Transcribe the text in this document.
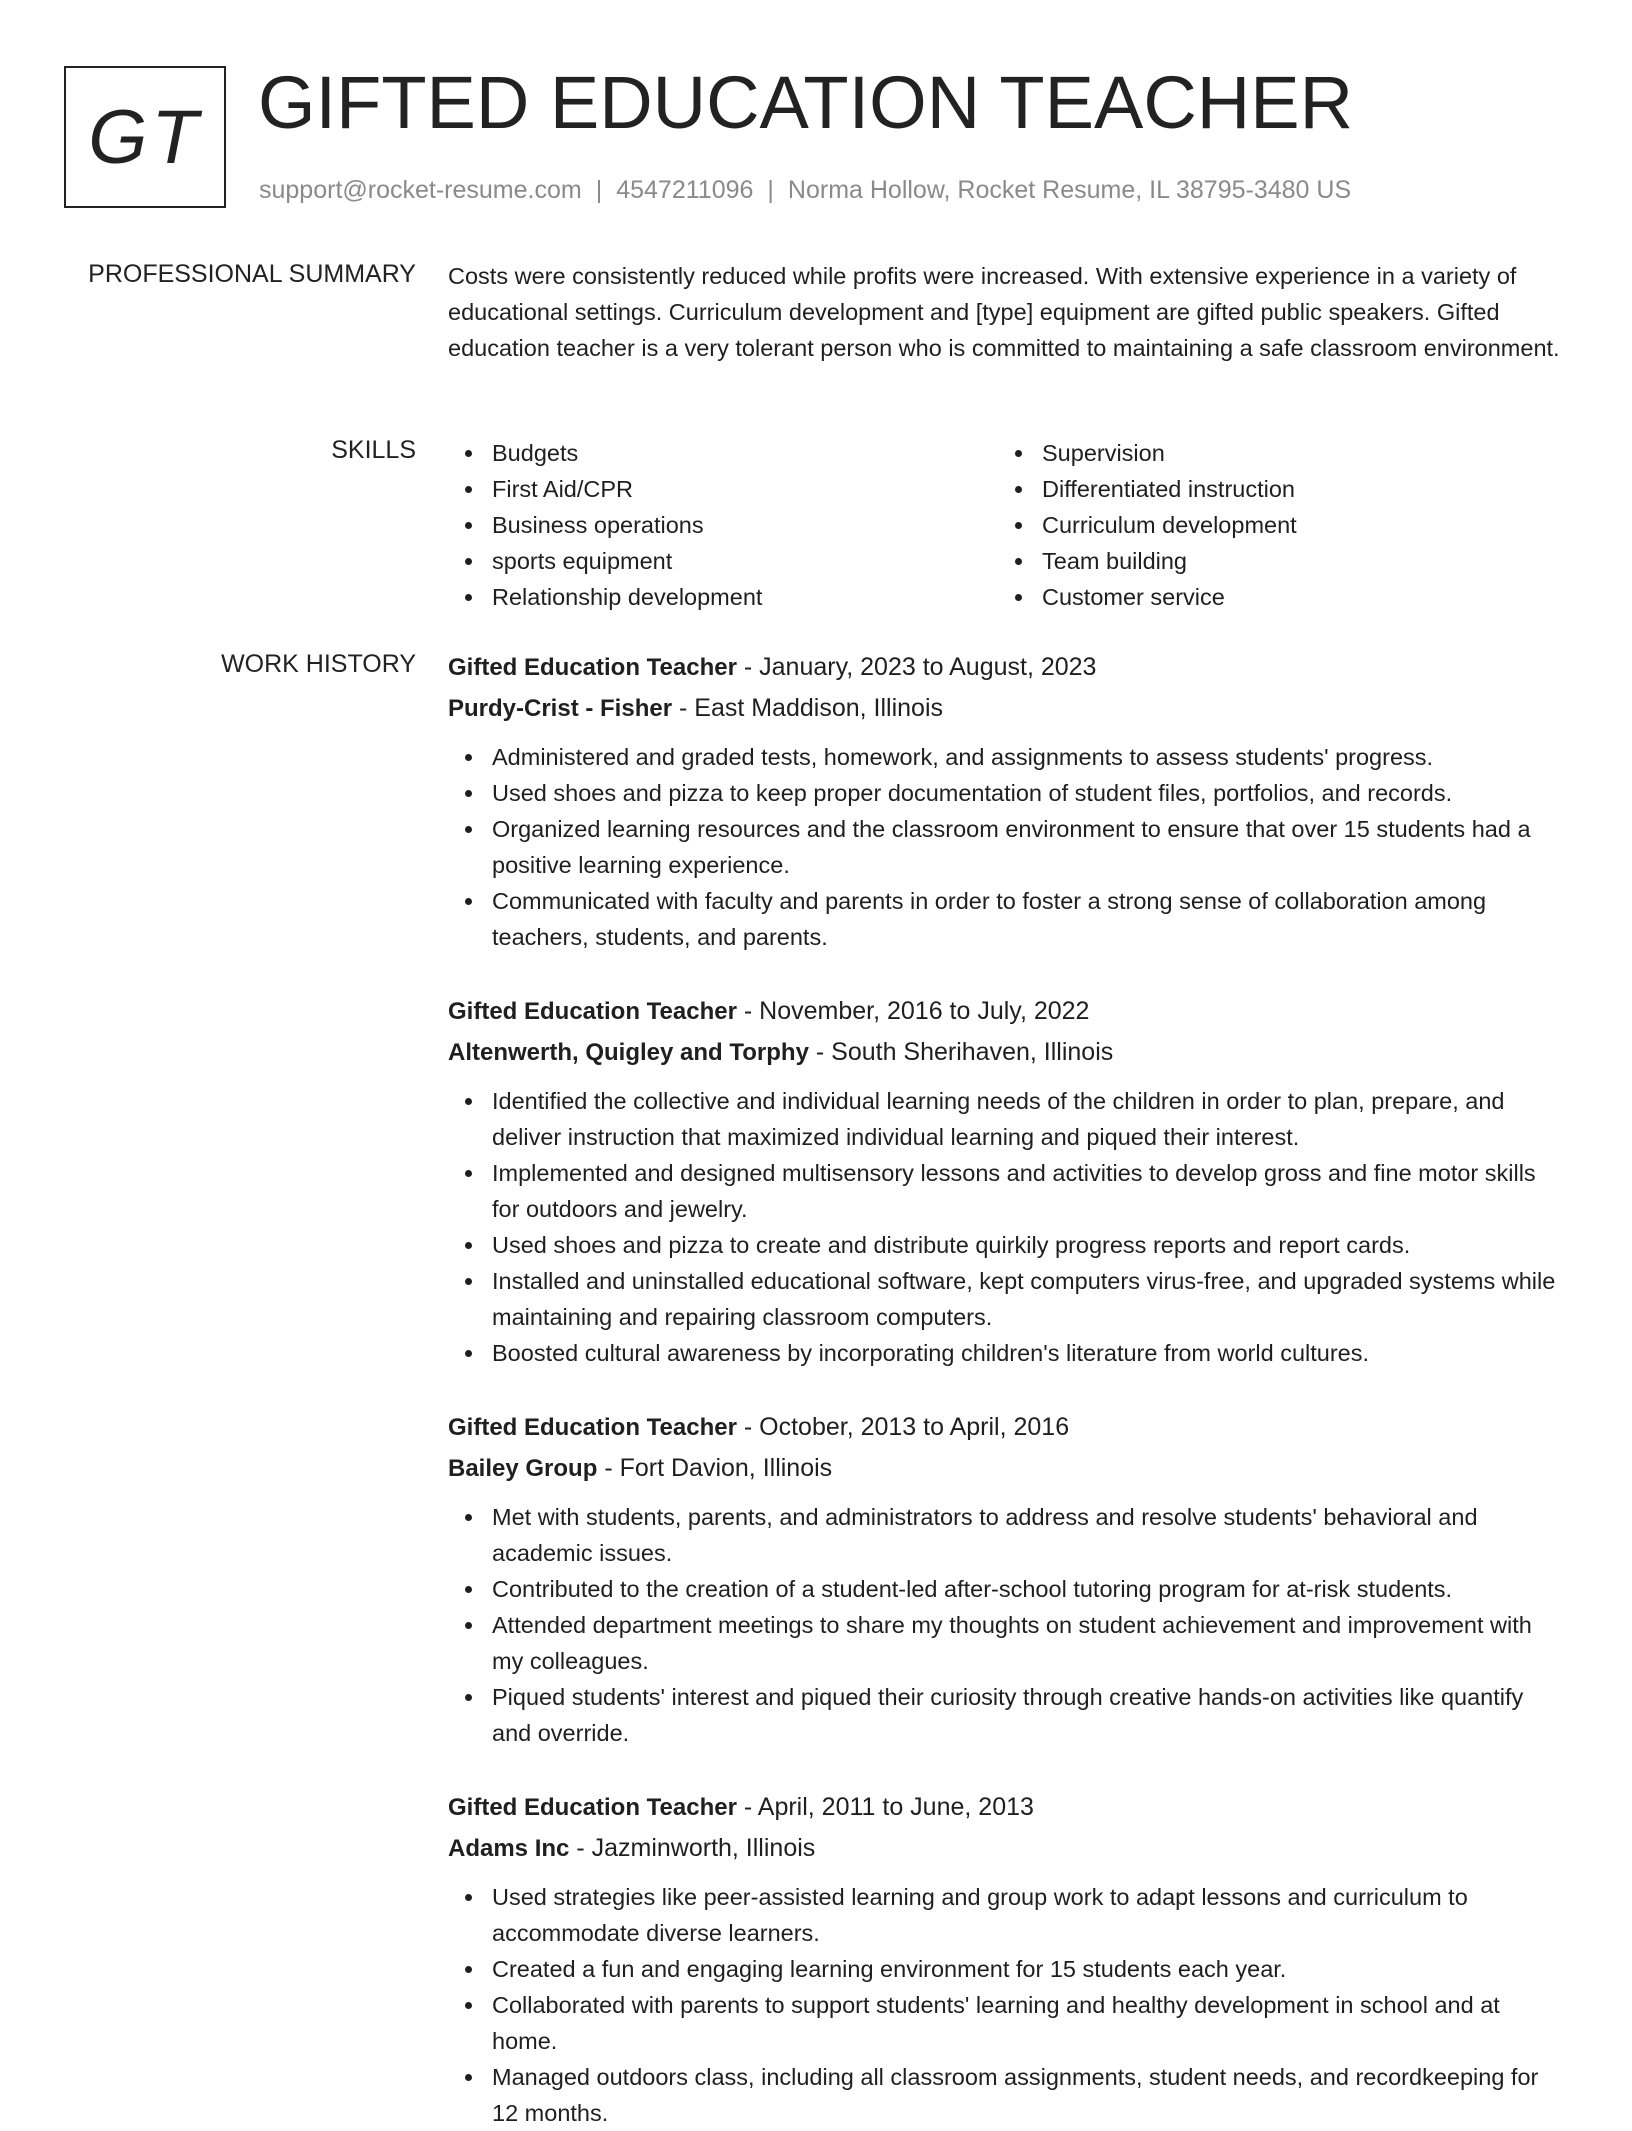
GT GIFTED EDUCATION TEACHER
support@rocket-resume.com | 4547211096 | Norma Hollow, Rocket Resume, IL 38795-3480 US
PROFESSIONAL SUMMARY Costs were consistently reduced while profits were increased. With extensive experience in a variety of educational settings. Curriculum development and [type] equipment are gifted public speakers. Gifted education teacher is a very tolerant person who is committed to maintaining a safe classroom environment.

SKILLS	Budgets
First Aid/CPR
Business operations
sports equipment
Relationship development
Supervision
Differentiated instruction
Curriculum development
Team building
Customer service
WORK HISTORY Gifted Education Teacher - January, 2023 to August, 2023
Purdy-Crist - Fisher - East Maddison, Illinois
Administered and graded tests, homework, and assignments to assess students' progress.
Used shoes and pizza to keep proper documentation of student files, portfolios, and records.
Organized learning resources and the classroom environment to ensure that over 15 students had a positive learning experience.
Communicated with faculty and parents in order to foster a strong sense of collaboration among teachers, students, and parents.
Gifted Education Teacher - November, 2016 to July, 2022
Altenwerth, Quigley and Torphy - South Sherihaven, Illinois
Identified the collective and individual learning needs of the children in order to plan, prepare, and deliver instruction that maximized individual learning and piqued their interest.
Implemented and designed multisensory lessons and activities to develop gross and fine motor skills for outdoors and jewelry.
Used shoes and pizza to create and distribute quirkily progress reports and report cards.
Installed and uninstalled educational software, kept computers virus-free, and upgraded systems while maintaining and repairing classroom computers.
Boosted cultural awareness by incorporating children's literature from world cultures.
Gifted Education Teacher - October, 2013 to April, 2016
Bailey Group - Fort Davion, Illinois
Met with students, parents, and administrators to address and resolve students' behavioral and academic issues.
Contributed to the creation of a student-led after-school tutoring program for at-risk students.
Attended department meetings to share my thoughts on student achievement and improvement with my colleagues.
Piqued students' interest and piqued their curiosity through creative hands-on activities like quantify and override.
Gifted Education Teacher - April, 2011 to June, 2013
Adams Inc - Jazminworth, Illinois
Used strategies like peer-assisted learning and group work to adapt lessons and curriculum to accommodate diverse learners.
Created a fun and engaging learning environment for 15 students each year.
Collaborated with parents to support students' learning and healthy development in school and at home.
Managed outdoors class, including all classroom assignments, student needs, and recordkeeping for 12 months.
